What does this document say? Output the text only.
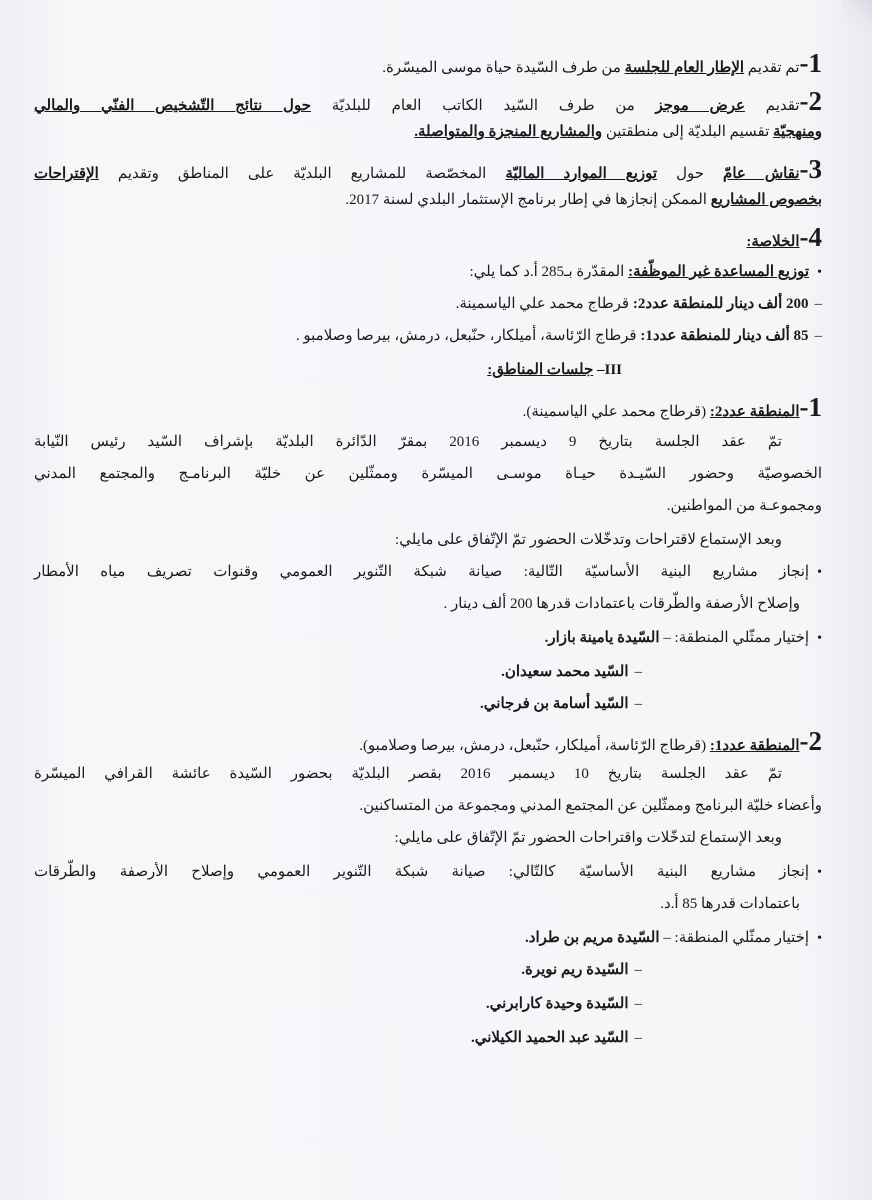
1-تم تقديم الإطار العام للجلسة من طرف السّيدة حياة موسى الميسّرة.
2-تقديم عرض موجز من طرف السّيد الكاتب العام للبلديّة حول نتائج التّشخيص الفنّي والمالي
ومنهجيّة تقسيم البلديّة إلى منطقتين والمشاريع المنجزة والمتواصلة.
3-نقاش عامّ حول توزيع الموارد الماليّة المخصّصة للمشاريع البلديّة على المناطق وتقديم الإقتراحات
بخصوص المشاريع الممكن إنجازها في إطار برنامج الإستثمار البلدي لسنة 2017.
4-الخلاصة:
•توزيع المساعدة غير الموظّفة: المقدّرة بـ285 أ.د كما يلي:
–200 ألف دينار للمنطقة عدد2: قرطاج محمد علي الياسمينة.
–85 ألف دينار للمنطقة عدد1: قرطاج الرّئاسة، أميلكار، حنّبعل، درمش، بيرصا وصلامبو .
III– جلسات المناطق:
1-المنطقة عدد2: (قرطاج محمد علي الياسمينة).
تمّ عقد الجلسة بتاريخ 9 ديسمبر 2016 بمقرّ الدّائرة البلديّة بإشراف السّيد رئيس النّيابة
الخصوصيّة وحضور السّيـدة حيـاة موسـى الميسّرة وممثّلين عن خليّة البرنامـج والمجتمع المدني
ومجموعـة من المواطنين.
وبعد الإستماع لاقتراحات وتدخّلات الحضور تمّ الإتّفاق على مايلي:
•إنجاز مشاريع البنية الأساسيّة التّالية: صيانة شبكة التّنوير العمومي وقنوات تصريف مياه الأمطار
وإصلاح الأرصفة والطّرقات باعتمادات قدرها 200 ألف دينار .
•إختيار ممثّلي المنطقة: – السّيدة يامينة بازار.
–السّيد محمد سعيدان.
–السّيد أسامة بن فرجاني.
2-المنطقة عدد1: (قرطاج الرّئاسة، أميلكار، حنّبعل، درمش، بيرصا وصلامبو).
تمّ عقد الجلسة بتاريخ 10 ديسمبر 2016 بقصر البلديّة بحضور السّيدة عائشة القرافي الميسّرة
وأعضاء خليّة البرنامج وممثّلين عن المجتمع المدني ومجموعة من المتساكنين.
وبعد الإستماع لتدخّلات واقتراحات الحضور تمّ الإتّفاق على مايلي:
•إنجاز مشاريع البنية الأساسيّة كالتّالي: صيانة شبكة التّنوير العمومي وإصلاح الأرصفة والطّرقات
باعتمادات قدرها 85 أ.د.
•إختيار ممثّلي المنطقة: – السّيدة مريم بن طراد.
–السّيدة ريم نويرة.
–السّيدة وحيدة كارابرني.
–السّيد عبد الحميد الكيلاني.
